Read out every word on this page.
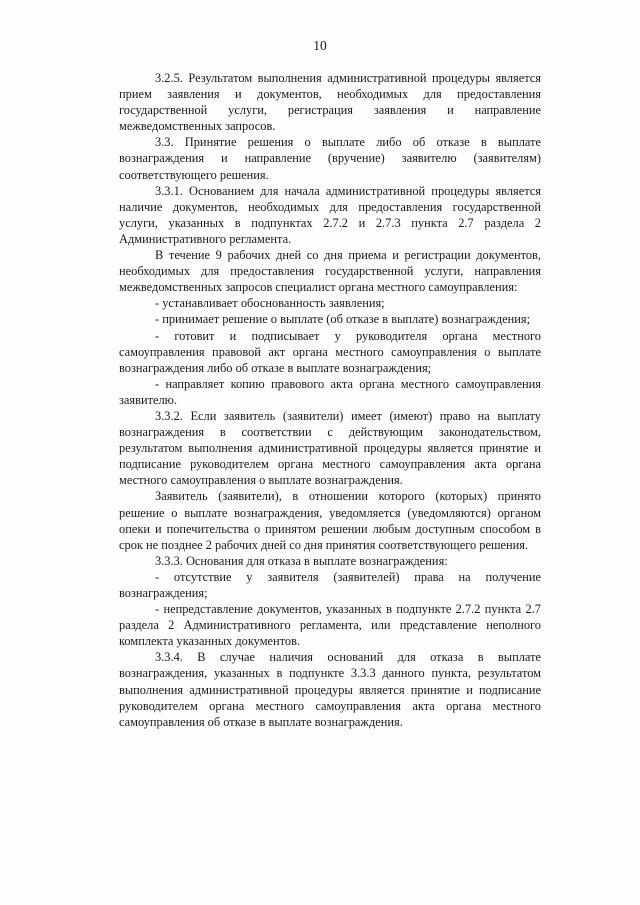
10

3.2.5. Результатом выполнения административной процедуры является прием заявления и документов, необходимых для предоставления государственной услуги, регистрация заявления и направление межведомственных запросов.

3.3. Принятие решения о выплате либо об отказе в выплате вознаграждения и направление (вручение) заявителю (заявителям) соответствующего решения.

3.3.1. Основанием для начала административной процедуры является наличие документов, необходимых для предоставления государственной услуги, указанных в подпунктах 2.7.2 и 2.7.3 пункта 2.7 раздела 2 Административного регламента.

В течение 9 рабочих дней со дня приема и регистрации документов, необходимых для предоставления государственной услуги, направления межведомственных запросов специалист органа местного самоуправления:

- устанавливает обоснованность заявления;

- принимает решение о выплате (об отказе в выплате) вознаграждения;

- готовит и подписывает у руководителя органа местного самоуправления правовой акт органа местного самоуправления о выплате вознаграждения либо об отказе в выплате вознаграждения;

- направляет копию правового акта органа местного самоуправления заявителю.

3.3.2. Если заявитель (заявители) имеет (имеют) право на выплату вознаграждения в соответствии с действующим законодательством, результатом выполнения административной процедуры является принятие и подписание руководителем органа местного самоуправления акта органа местного самоуправления о выплате вознаграждения.

Заявитель (заявители), в отношении которого (которых) принято решение о выплате вознаграждения, уведомляется (уведомляются) органом опеки и попечительства о принятом решении любым доступным способом в срок не позднее 2 рабочих дней со дня принятия соответствующего решения.

3.3.3. Основания для отказа в выплате вознаграждения:

- отсутствие у заявителя (заявителей) права на получение вознаграждения;

- непредставление документов, указанных в подпункте 2.7.2 пункта 2.7 раздела 2 Административного регламента, или представление неполного комплекта указанных документов.

3.3.4. В случае наличия оснований для отказа в выплате вознаграждения, указанных в подпункте 3.3.3 данного пункта, результатом выполнения административной процедуры является принятие и подписание руководителем органа местного самоуправления акта органа местного самоуправления об отказе в выплате вознаграждения.
